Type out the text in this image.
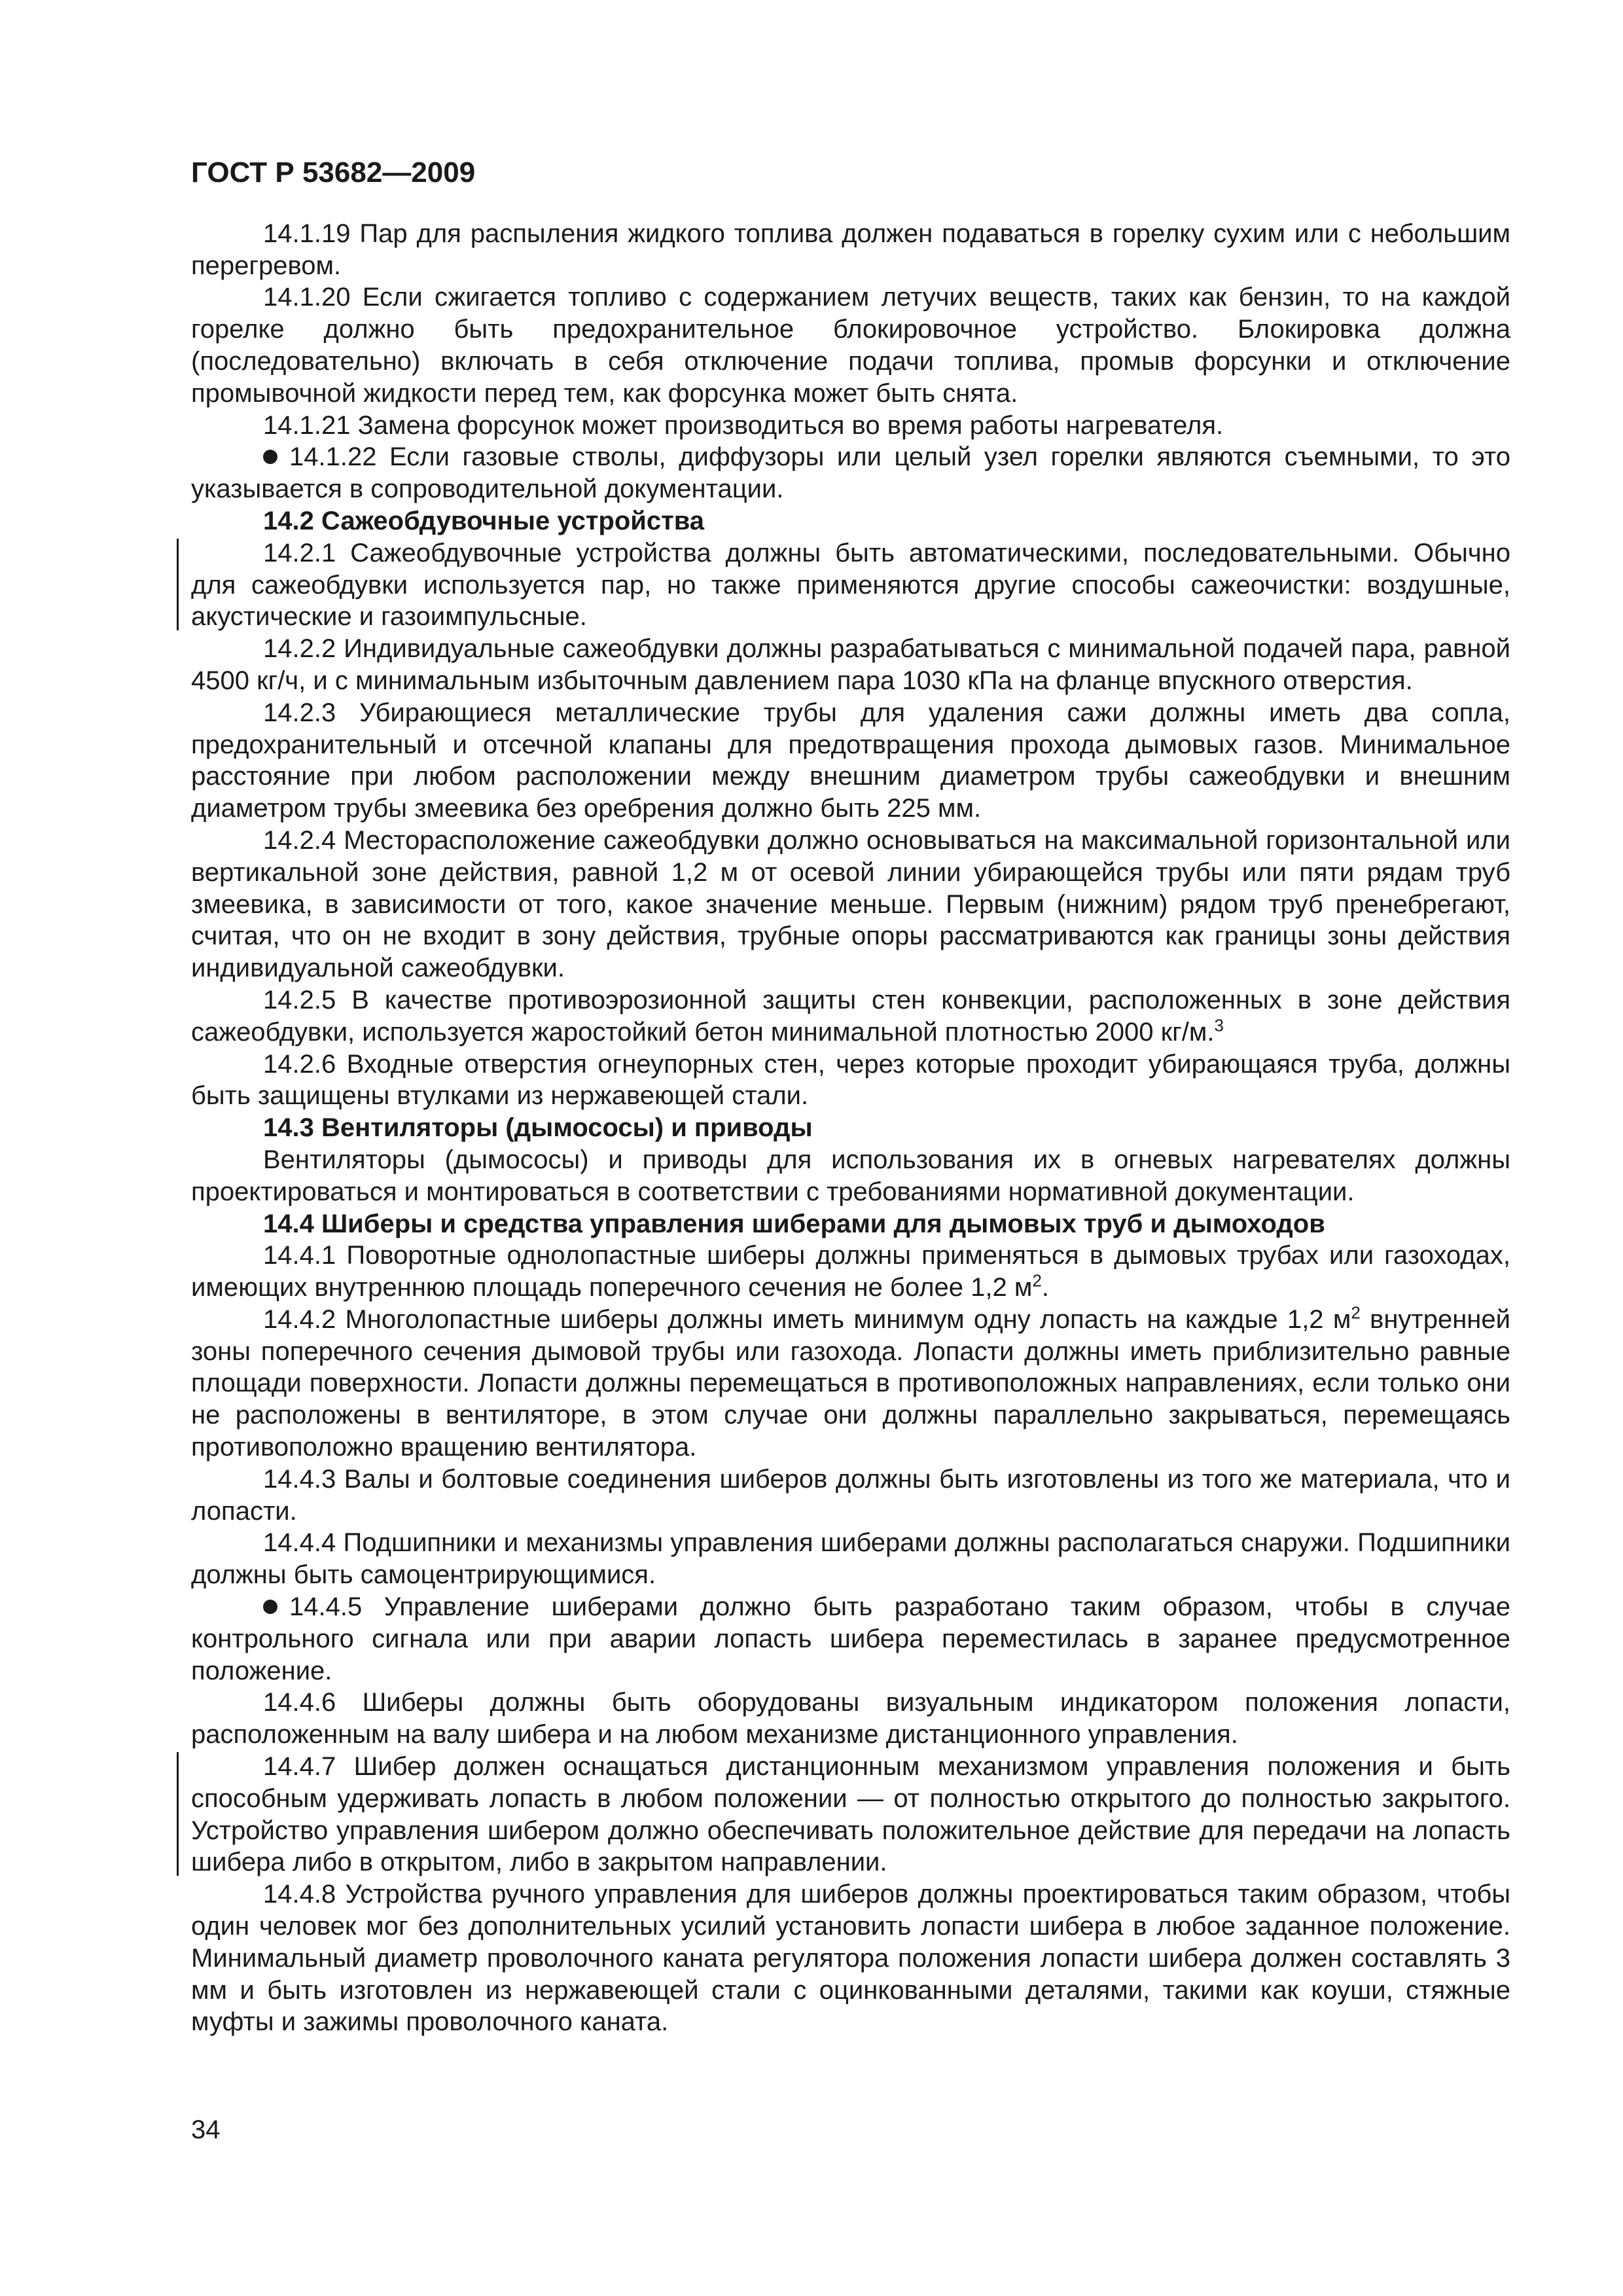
ГОСТ Р 53682—2009
14.1.19 Пар для распыления жидкого топлива должен подаваться в горелку сухим или с небольшим перегревом.
14.1.20 Если сжигается топливо с содержанием летучих веществ, таких как бензин, то на каждой горелке должно быть предохранительное блокировочное устройство. Блокировка должна (последовательно) включать в себя отключение подачи топлива, промыв форсунки и отключение промывочной жидкости перед тем, как форсунка может быть снята.
14.1.21 Замена форсунок может производиться во время работы нагревателя.
14.1.22 Если газовые стволы, диффузоры или целый узел горелки являются съемными, то это указывается в сопроводительной документации.
14.2 Сажеобдувочные устройства
14.2.1 Сажеобдувочные устройства должны быть автоматическими, последовательными. Обычно для сажеобдувки используется пар, но также применяются другие способы сажеочистки: воздушные, акустические и газоимпульсные.
14.2.2 Индивидуальные сажеобдувки должны разрабатываться с минимальной подачей пара, равной 4500 кг/ч, и с минимальным избыточным давлением пара 1030 кПа на фланце впускного отверстия.
14.2.3 Убирающиеся металлические трубы для удаления сажи должны иметь два сопла, предохранительный и отсечной клапаны для предотвращения прохода дымовых газов. Минимальное расстояние при любом расположении между внешним диаметром трубы сажеобдувки и внешним диаметром трубы змеевика без оребрения должно быть 225 мм.
14.2.4 Месторасположение сажеобдувки должно основываться на максимальной горизонтальной или вертикальной зоне действия, равной 1,2 м от осевой линии убирающейся трубы или пяти рядам труб змеевика, в зависимости от того, какое значение меньше. Первым (нижним) рядом труб пренебрегают, считая, что он не входит в зону действия, трубные опоры рассматриваются как границы зоны действия индивидуальной сажеобдувки.
14.2.5 В качестве противоэрозионной защиты стен конвекции, расположенных в зоне действия сажеобдувки, используется жаростойкий бетон минимальной плотностью 2000 кг/м.$^3$
14.2.6 Входные отверстия огнеупорных стен, через которые проходит убирающаяся труба, должны быть защищены втулками из нержавеющей стали.
14.3 Вентиляторы (дымососы) и приводы
Вентиляторы (дымососы) и приводы для использования их в огневых нагревателях должны проектироваться и монтироваться в соответствии с требованиями нормативной документации.
14.4 Шиберы и средства управления шиберами для дымовых труб и дымоходов
14.4.1 Поворотные однолопастные шиберы должны применяться в дымовых трубах или газоходах, имеющих внутреннюю площадь поперечного сечения не более 1,2 $м^2$.
14.4.2 Многолопастные шиберы должны иметь минимум одну лопасть на каждые 1,2 $м^2$ внутренней зоны поперечного сечения дымовой трубы или газохода. Лопасти должны иметь приблизительно равные площади поверхности. Лопасти должны перемещаться в противоположных направлениях, если только они не расположены в вентиляторе, в этом случае они должны параллельно закрываться, перемещаясь противоположно вращению вентилятора.
14.4.3 Валы и болтовые соединения шиберов должны быть изготовлены из того же материала, что и лопасти.
14.4.4 Подшипники и механизмы управления шиберами должны располагаться снаружи. Подшипники должны быть самоцентрирующимися.
14.4.5 Управление шиберами должно быть разработано таким образом, чтобы в случае контрольного сигнала или при аварии лопасть шибера переместилась в заранее предусмотренное положение.
14.4.6 Шиберы должны быть оборудованы визуальным индикатором положения лопасти, расположенным на валу шибера и на любом механизме дистанционного управления.
14.4.7 Шибер должен оснащаться дистанционным механизмом управления положения и быть способным удерживать лопасть в любом положении — от полностью открытого до полностью закрытого. Устройство управления шибером должно обеспечивать положительное действие для передачи на лопасть шибера либо в открытом, либо в закрытом направлении.
14.4.8 Устройства ручного управления для шиберов должны проектироваться таким образом, чтобы один человек мог без дополнительных усилий установить лопасти шибера в любое заданное положение. Минимальный диаметр проволочного каната регулятора положения лопасти шибера должен составлять 3 мм и быть изготовлен из нержавеющей стали с оцинкованными деталями, такими как коуши, стяжные муфты и зажимы проволочного каната.
34
